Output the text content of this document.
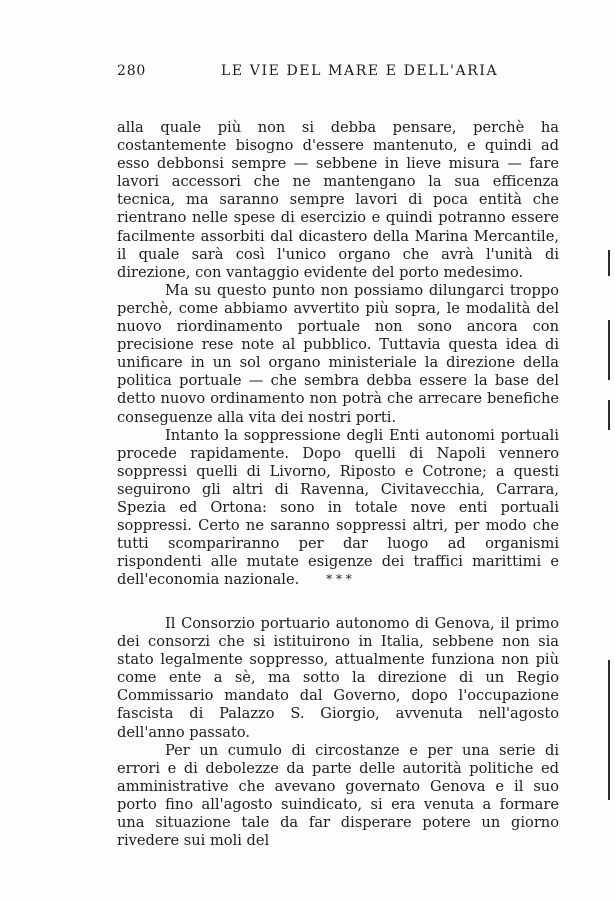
280	LE VIE DEL MARE E DELL'ARIA

alla quale più non si debba pensare, perchè ha costantemente bisogno d'essere mantenuto, e quindi ad esso debbonsi sempre — sebbene in lieve misura — fare lavori accessori che ne mantengano la sua efficenza tecnica, ma saranno sempre lavori di poca entità che rientrano nelle spese di esercizio e quindi potranno essere facilmente assorbiti dal dicastero della Marina Mercantile, il quale sarà così l'unico organo che avrà l'unità di direzione, con vantaggio evidente del porto medesimo.

Ma su questo punto non possiamo dilungarci troppo perchè, come abbiamo avvertito più sopra, le modalità del nuovo riordinamento portuale non sono ancora con precisione rese note al pubblico. Tuttavia questa idea di unificare in un sol organo ministeriale la direzione della politica portuale — che sembra debba essere la base del detto nuovo ordinamento non potrà che arrecare benefiche conseguenze alla vita dei nostri porti.

Intanto la soppressione degli Enti autonomi portuali procede rapidamente. Dopo quelli di Napoli vennero soppressi quelli di Livorno, Riposto e Cotrone; a questi seguirono gli altri di Ravenna, Civitavecchia, Carrara, Spezia ed Ortona: sono in totale nove enti portuali soppressi. Certo ne saranno soppressi altri, per modo che tutti scompariranno per dar luogo ad organismi rispondenti alle mutate esigenze dei traffici marittimi e dell'economia nazionale.	* * *

Il Consorzio portuario autonomo di Genova, il primo dei consorzi che si istituirono in Italia, sebbene non sia stato legalmente soppresso, attualmente funziona non più come ente a sè, ma sotto la direzione di un Regio Commissario mandato dal Governo, dopo l'occupazione fascista di Palazzo S. Giorgio, avvenuta nell'agosto dell'anno passato.

Per un cumulo di circostanze e per una serie di errori e di debolezze da parte delle autorità politiche ed amministrative che avevano governato Genova e il suo porto fino all'agosto suindicato, si era venuta a formare una situazione tale da far disperare potere un giorno rivedere sui moli del
